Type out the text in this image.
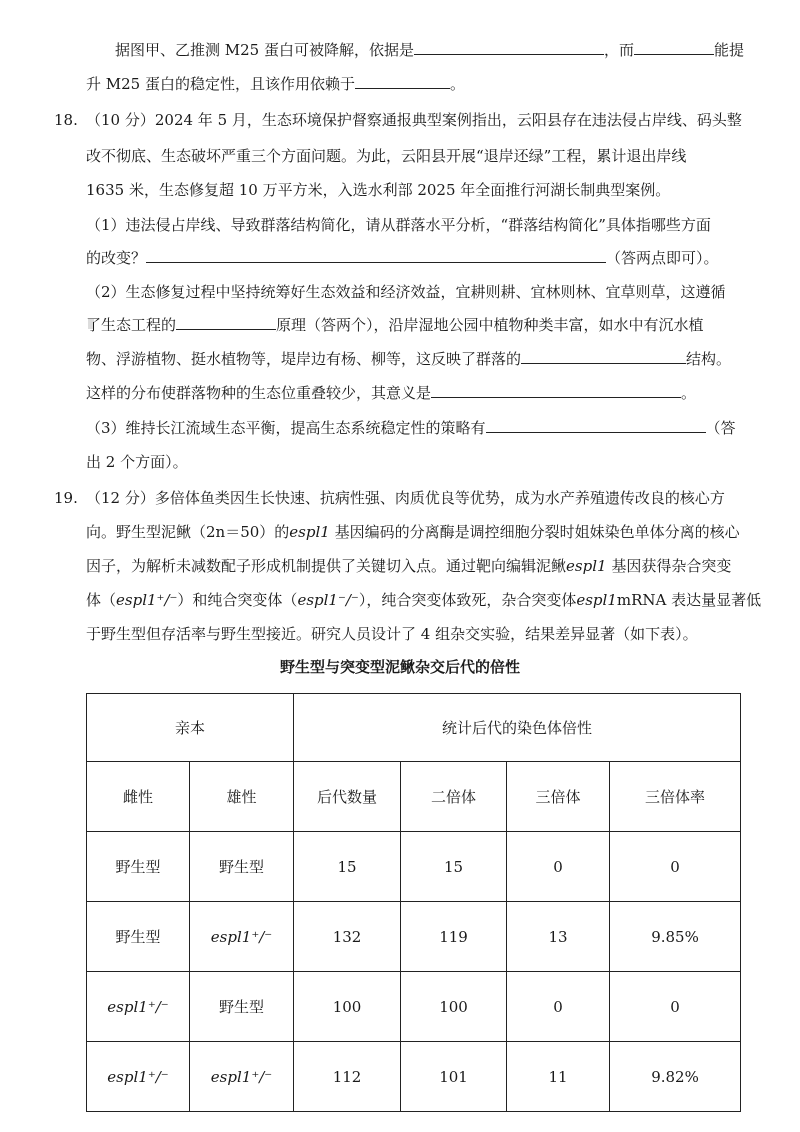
据图甲、乙推测 M25 蛋白可被降解，依据是	，而	能提
升 M25 蛋白的稳定性，且该作用依赖于	。
18. （10 分）2024 年 5 月，生态环境保护督察通报典型案例指出，云阳县存在违法侵占岸线、码头整
改不彻底、生态破坏严重三个方面问题。为此，云阳县开展“退岸还绿”工程，累计退出岸线
1635 米，生态修复超 10 万平方米，入选水利部 2025 年全面推行河湖长制典型案例。
（1）违法侵占岸线、导致群落结构简化，请从群落水平分析，“群落结构简化”具体指哪些方面
的改变？	（答两点即可）。
（2）生态修复过程中坚持统筹好生态效益和经济效益，宜耕则耕、宜林则林、宜草则草，这遵循
了生态工程的	原理（答两个），沿岸湿地公园中植物种类丰富，如水中有沉水植
物、浮游植物、挺水植物等，堤岸边有杨、柳等，这反映了群落的	结构。
这样的分布使群落物种的生态位重叠较少，其意义是	。
（3）维持长江流域生态平衡，提高生态系统稳定性的策略有	（答
出 2 个方面）。
19. （12 分）多倍体鱼类因生长快速、抗病性强、肉质优良等优势，成为水产养殖遗传改良的核心方
向。野生型泥鳅（2n＝50）的espl1 基因编码的分离酶是调控细胞分裂时姐妹染色单体分离的核心
因子，为解析未减数配子形成机制提供了关键切入点。通过靶向编辑泥鳅espl1 基因获得杂合突变
体（espl1⁺/⁻）和纯合突变体（espl1⁻/⁻），纯合突变体致死，杂合突变体espl1mRNA 表达量显著低
于野生型但存活率与野生型接近。研究人员设计了 4 组杂交实验，结果差异显著（如下表）。
野生型与突变型泥鳅杂交后代的倍性
亲本		统计后代的染色体倍性			
雌性	雄性	后代数量	二倍体	三倍体	三倍体率
野生型	野生型	15	15	0	0
野生型	espl1⁺/⁻	132	119	13	9.85%
espl1⁺/⁻	野生型	100	100	0	0
espl1⁺/⁻	espl1⁺/⁻	112	101	11	9.82%
